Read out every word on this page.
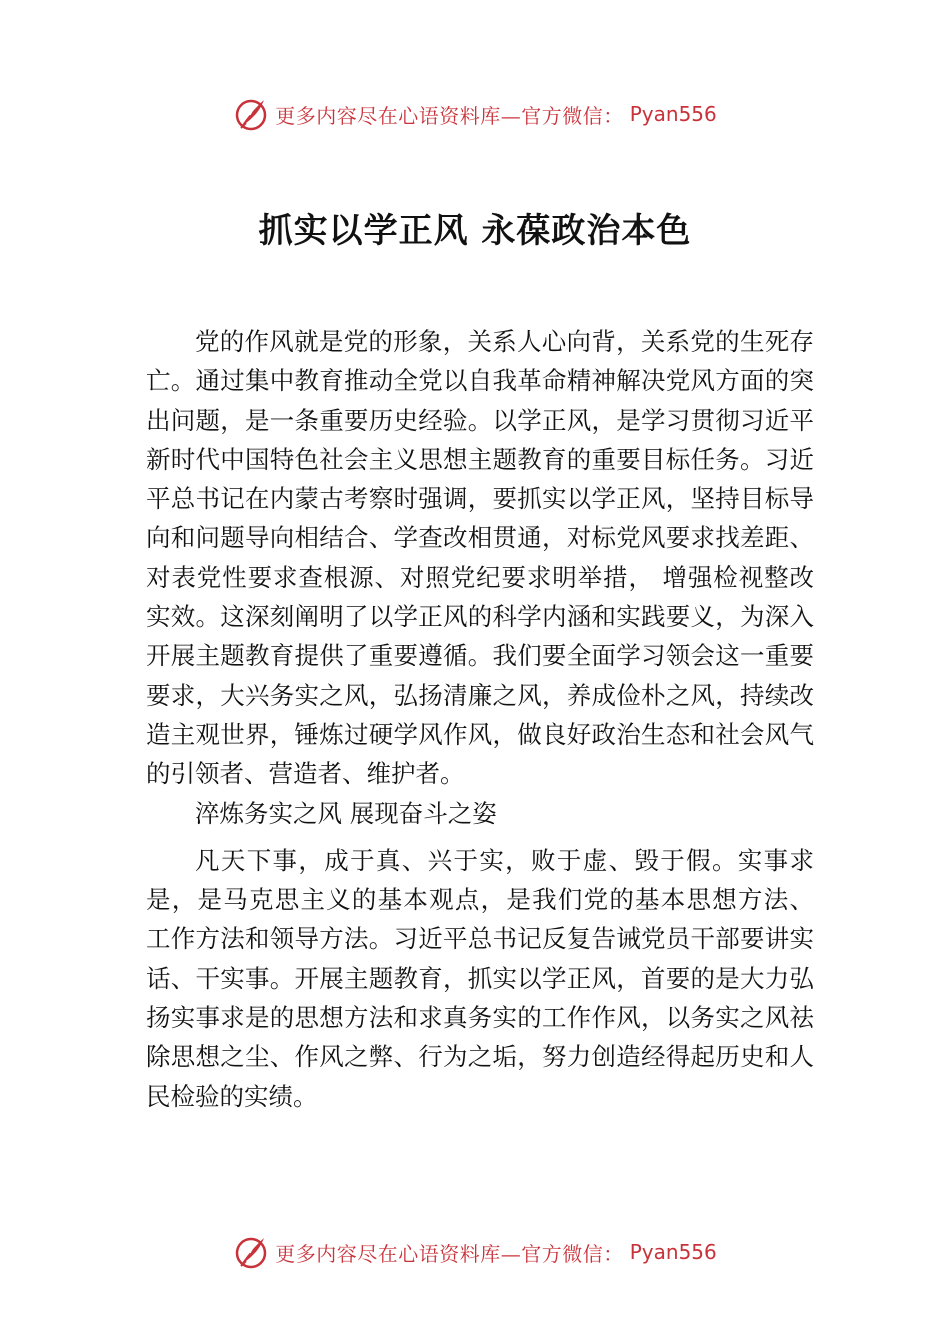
更多内容尽在心语资料库—官方微信： Pyan556
抓实以学正风 永葆政治本色

党的作风就是党的形象，关系人心向背，关系党的生死存亡。通过集中教育推动全党以自我革命精神解决党风方面的突出问题，是一条重要历史经验。以学正风，是学习贯彻习近平新时代中国特色社会主义思想主题教育的重要目标任务。习近平总书记在内蒙古考察时强调，要抓实以学正风，坚持目标导向和问题导向相结合、学查改相贯通，对标党风要求找差距、对表党性要求查根源、对照党纪要求明举措， 增强检视整改实效。这深刻阐明了以学正风的科学内涵和实践要义，为深入开展主题教育提供了重要遵循。我们要全面学习领会这一重要要求，大兴务实之风，弘扬清廉之风，养成俭朴之风，持续改造主观世界，锤炼过硬学风作风，做良好政治生态和社会风气的引领者、营造者、维护者。

淬炼务实之风 展现奋斗之姿

凡天下事，成于真、兴于实，败于虚、毁于假。实事求是，是马克思主义的基本观点，是我们党的基本思想方法、 工作方法和领导方法。习近平总书记反复告诫党员干部要讲实话、干实事。开展主题教育，抓实以学正风，首要的是大力弘扬实事求是的思想方法和求真务实的工作作风，以务实之风祛除思想之尘、作风之弊、行为之垢，努力创造经得起历史和人民检验的实绩。

更多内容尽在心语资料库—官方微信： Pyan556
